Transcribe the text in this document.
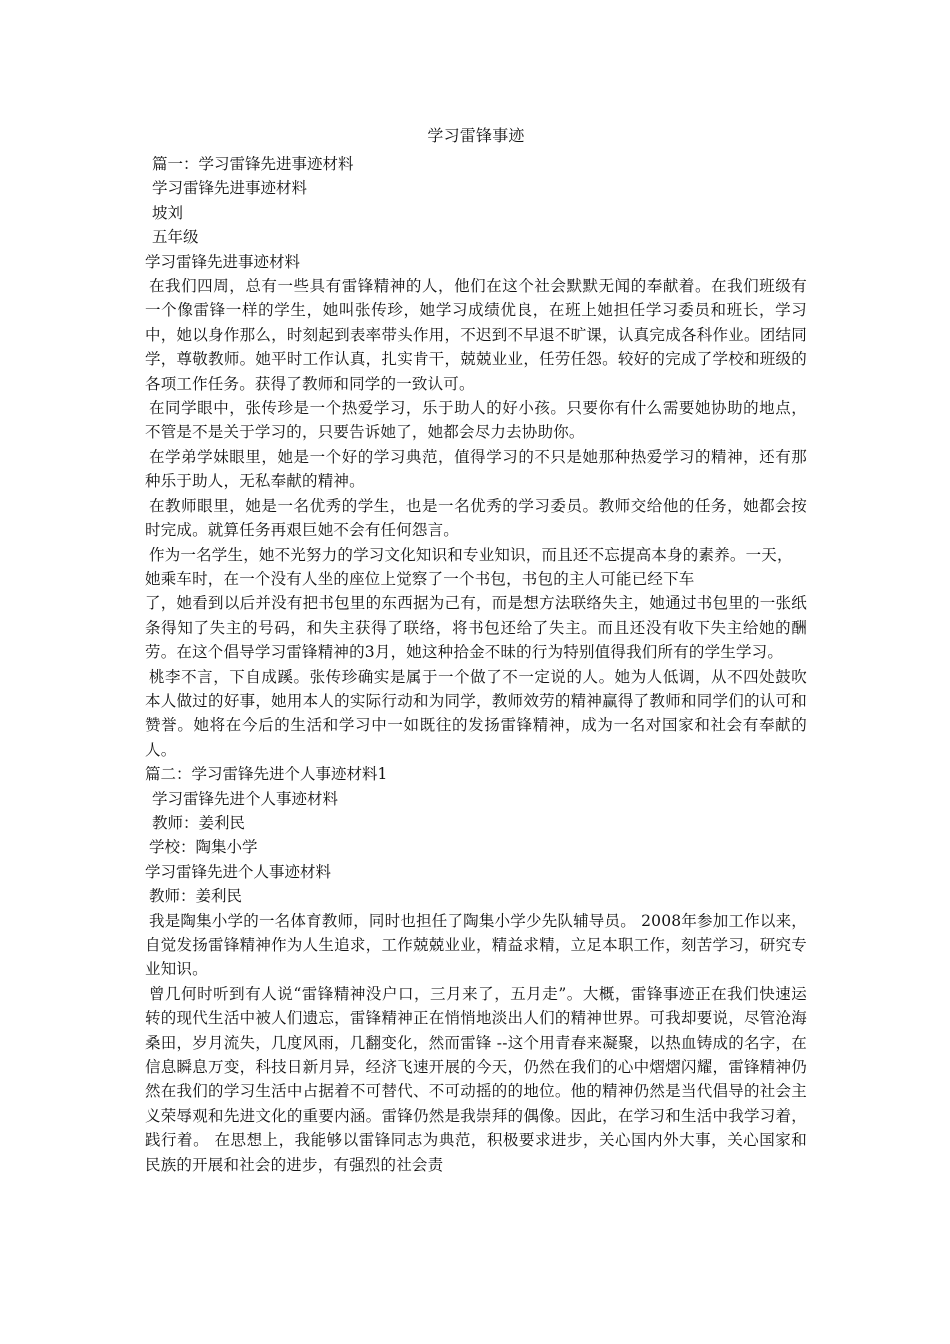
学习雷锋事迹
篇一：学习雷锋先进事迹材料
学习雷锋先进事迹材料
坡刘
五年级
学习雷锋先进事迹材料

在我们四周，总有一些具有雷锋精神的人，他们在这个社会默默无闻的奉献着。在我们班级有一个像雷锋一样的学生，她叫张传珍，她学习成绩优良，在班上她担任学习委员和班长，学习中，她以身作那么，时刻起到表率带头作用，不迟到不早退不旷课，认真完成各科作业。团结同学，尊敬教师。她平时工作认真，扎实肯干，兢兢业业，任劳任怨。较好的完成了学校和班级的各项工作任务。获得了教师和同学的一致认可。

在同学眼中，张传珍是一个热爱学习，乐于助人的好小孩。只要你有什么需要她协助的地点，不管是不是关于学习的，只要告诉她了，她都会尽力去协助你。

在学弟学妹眼里，她是一个好的学习典范，值得学习的不只是她那种热爱学习的精神，还有那种乐于助人，无私奉献的精神。

在教师眼里，她是一名优秀的学生，也是一名优秀的学习委员。教师交给他的任务，她都会按时完成。就算任务再艰巨她不会有任何怨言。

作为一名学生，她不光努力的学习文化知识和专业知识，而且还不忘提高本身的素养。一天，她乘车时，在一个没有人坐的座位上觉察了一个书包，书包的主人可能已经下车

了，她看到以后并没有把书包里的东西据为己有，而是想方法联络失主，她通过书包里的一张纸条得知了失主的号码，和失主获得了联络，将书包还给了失主。而且还没有收下失主给她的酬劳。在这个倡导学习雷锋精神的3月，她这种拾金不昧的行为特别值得我们所有的学生学习。

桃李不言，下自成蹊。张传珍确实是属于一个做了不一定说的人。她为人低调，从不四处鼓吹本人做过的好事，她用本人的实际行动和为同学，教师效劳的精神赢得了教师和同学们的认可和赞誉。她将在今后的生活和学习中一如既往的发扬雷锋精神，成为一名对国家和社会有奉献的人。

篇二：学习雷锋先进个人事迹材料1
学习雷锋先进个人事迹材料
教师：姜利民
学校：陶集小学
学习雷锋先进个人事迹材料
教师：姜利民

我是陶集小学的一名体育教师，同时也担任了陶集小学少先队辅导员。 2008年参加工作以来，自觉发扬雷锋精神作为人生追求，工作兢兢业业，精益求精，立足本职工作，刻苦学习，研究专业知识。

曾几何时听到有人说“雷锋精神没户口，三月来了，五月走”。大概，雷锋事迹正在我们快速运转的现代生活中被人们遗忘，雷锋精神正在悄悄地淡出人们的精神世界。可我却要说，尽管沧海桑田，岁月流失，几度风雨，几翻变化，然而雷锋 --这个用青春来凝聚，以热血铸成的名字，在信息瞬息万变，科技日新月异，经济飞速开展的今天，仍然在我们的心中熠熠闪耀，雷锋精神仍然在我们的学习生活中占据着不可替代、不可动摇的的地位。他的精神仍然是当代倡导的社会主义荣辱观和先进文化的重要内涵。雷锋仍然是我崇拜的偶像。因此，在学习和生活中我学习着，践行着。 在思想上，我能够以雷锋同志为典范，积极要求进步，关心国内外大事，关心国家和民族的开展和社会的进步，有强烈的社会责
